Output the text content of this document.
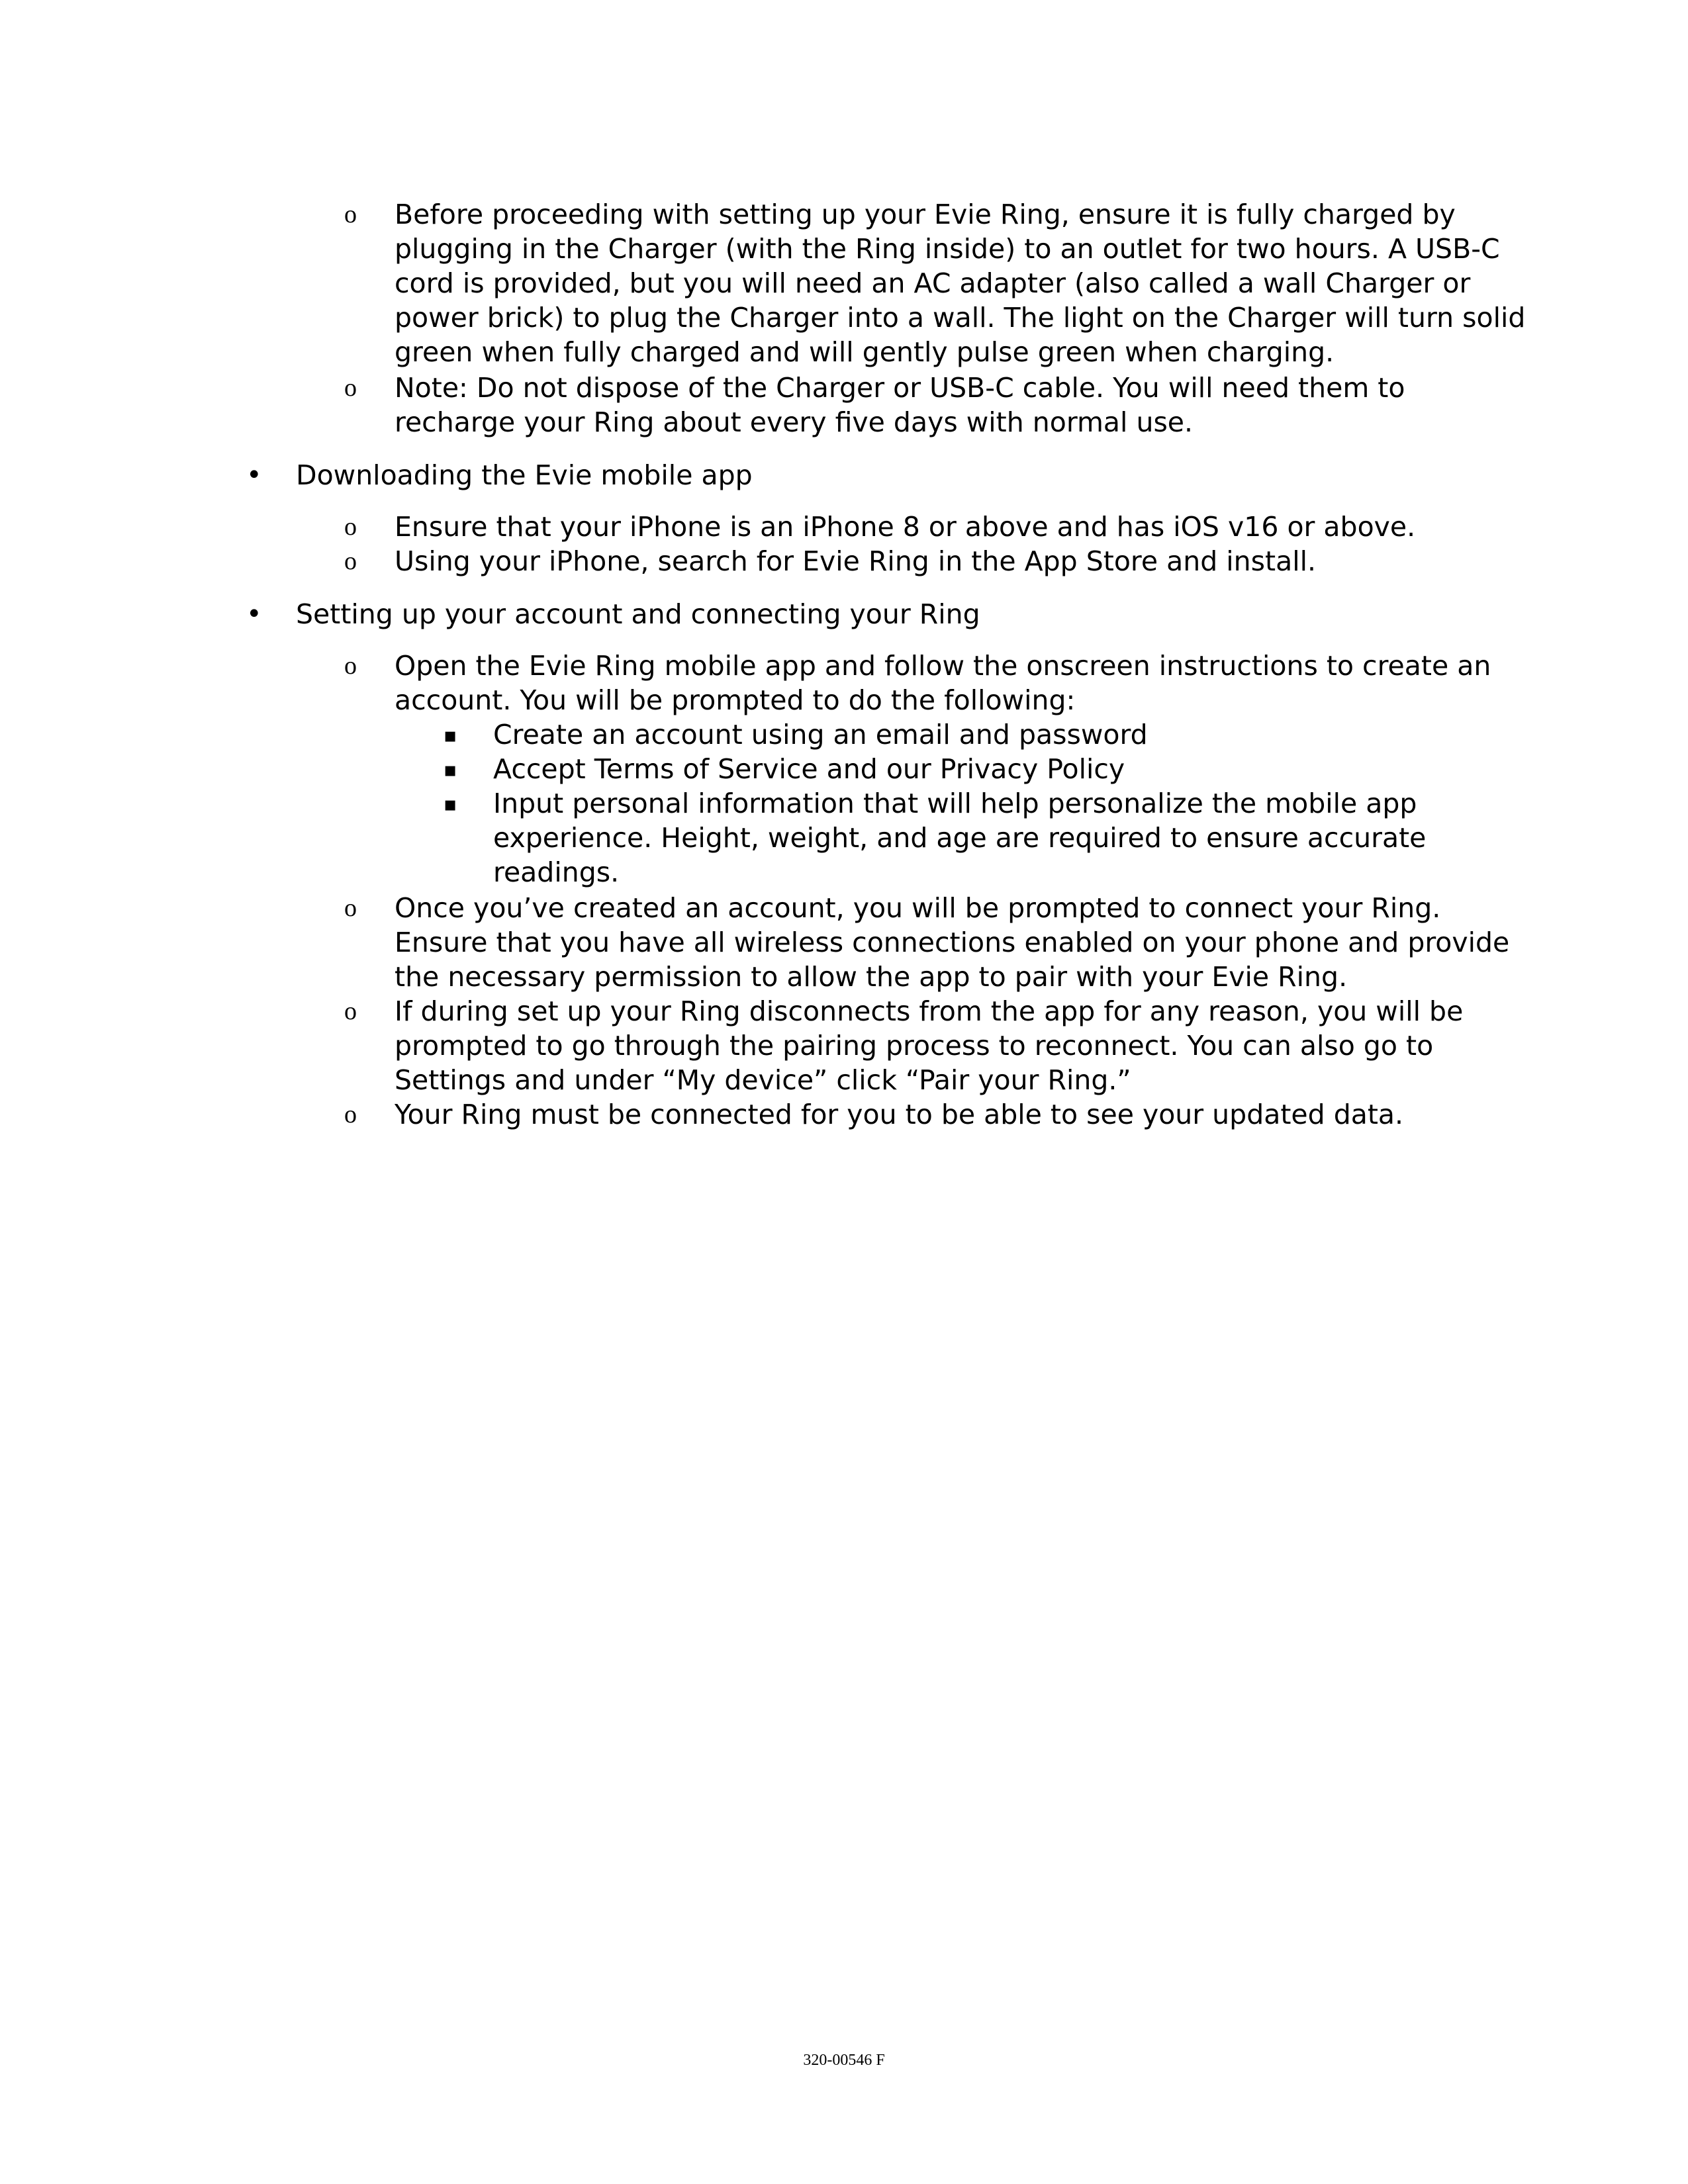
o Before proceeding with setting up your Evie Ring, ensure it is fully charged by
plugging in the Charger (with the Ring inside) to an outlet for two hours. A USB-C
cord is provided, but you will need an AC adapter (also called a wall Charger or
power brick) to plug the Charger into a wall. The light on the Charger will turn solid
green when fully charged and will gently pulse green when charging.
o Note: Do not dispose of the Charger or USB-C cable. You will need them to
recharge your Ring about every five days with normal use.
• Downloading the Evie mobile app
o Ensure that your iPhone is an iPhone 8 or above and has iOS v16 or above.
o Using your iPhone, search for Evie Ring in the App Store and install.
• Setting up your account and connecting your Ring
o Open the Evie Ring mobile app and follow the onscreen instructions to create an
account. You will be prompted to do the following:
▪ Create an account using an email and password
▪ Accept Terms of Service and our Privacy Policy
▪ Input personal information that will help personalize the mobile app
experience. Height, weight, and age are required to ensure accurate
readings.
o Once you’ve created an account, you will be prompted to connect your Ring.
Ensure that you have all wireless connections enabled on your phone and provide
the necessary permission to allow the app to pair with your Evie Ring.
o If during set up your Ring disconnects from the app for any reason, you will be
prompted to go through the pairing process to reconnect. You can also go to
Settings and under “My device” click “Pair your Ring.”
o Your Ring must be connected for you to be able to see your updated data.
320-00546 F
